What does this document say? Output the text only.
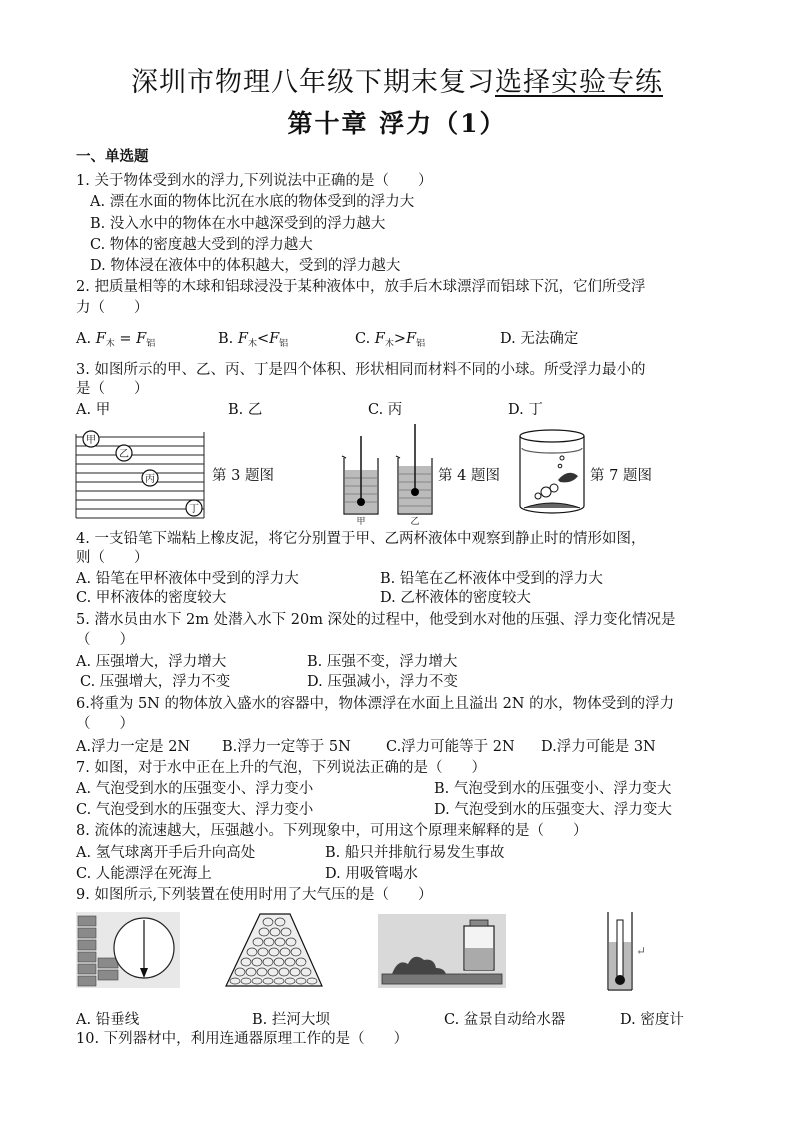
深圳市物理八年级下期末复习选择实验专练
第十章 浮力（1）
一、单选题
1. 关于物体受到水的浮力,下列说法中正确的是（　　）
A. 漂在水面的物体比沉在水底的物体受到的浮力大
B. 没入水中的物体在水中越深受到的浮力越大
C. 物体的密度越大受到的浮力越大
D. 物体浸在液体中的体积越大，受到的浮力越大
2. 把质量相等的木球和铝球浸没于某种液体中，放手后木球漂浮而铝球下沉，它们所受浮
力（　　）
A. $F_木 = F_铝$	B. $F_木<F_铝$	C. $F_木>F_铝$	D. 无法确定
3. 如图所示的甲、乙、丙、丁是四个体积、形状相同而材料不同的小球。所受浮力最小的
是（　　）
A. 甲	B. 乙	C. 丙	D. 丁
甲
乙
丙
丁
第 3 题图
甲	乙
第 4 题图	第 7 题图
4. 一支铅笔下端粘上橡皮泥，将它分别置于甲、乙两杯液体中观察到静止时的情形如图，
则（　　）
A. 铅笔在甲杯液体中受到的浮力大	B. 铅笔在乙杯液体中受到的浮力大
C. 甲杯液体的密度较大	D. 乙杯液体的密度较大
5. 潜水员由水下 2m 处潜入水下 20m 深处的过程中，他受到水对他的压强、浮力变化情况是
（　　）
A. 压强增大，浮力增大	B. 压强不变，浮力增大
C. 压强增大，浮力不变	D. 压强减小，浮力不变
6.将重为 5N 的物体放入盛水的容器中，物体漂浮在水面上且溢出 2N 的水，物体受到的浮力
（　　）
A.浮力一定是 2N B.浮力一定等于 5N C.浮力可能等于 2N D.浮力可能是 3N
7. 如图，对于水中正在上升的气泡，下列说法正确的是（　　）
A. 气泡受到水的压强变小、浮力变小	B. 气泡受到水的压强变小、浮力变大
C. 气泡受到水的压强变大、浮力变小	D. 气泡受到水的压强变大、浮力变大
8. 流体的流速越大，压强越小。下列现象中，可用这个原理来解释的是（　　）
A. 氢气球离开手后升向高处	B. 船只并排航行易发生事故
C. 人能漂浮在死海上	D. 用吸管喝水
9. 如图所示,下列装置在使用时用了大气压的是（　　）
↵
A. 铅垂线	B. 拦河大坝	C. 盆景自动给水器	D. 密度计
10. 下列器材中，利用连通器原理工作的是（　　）
